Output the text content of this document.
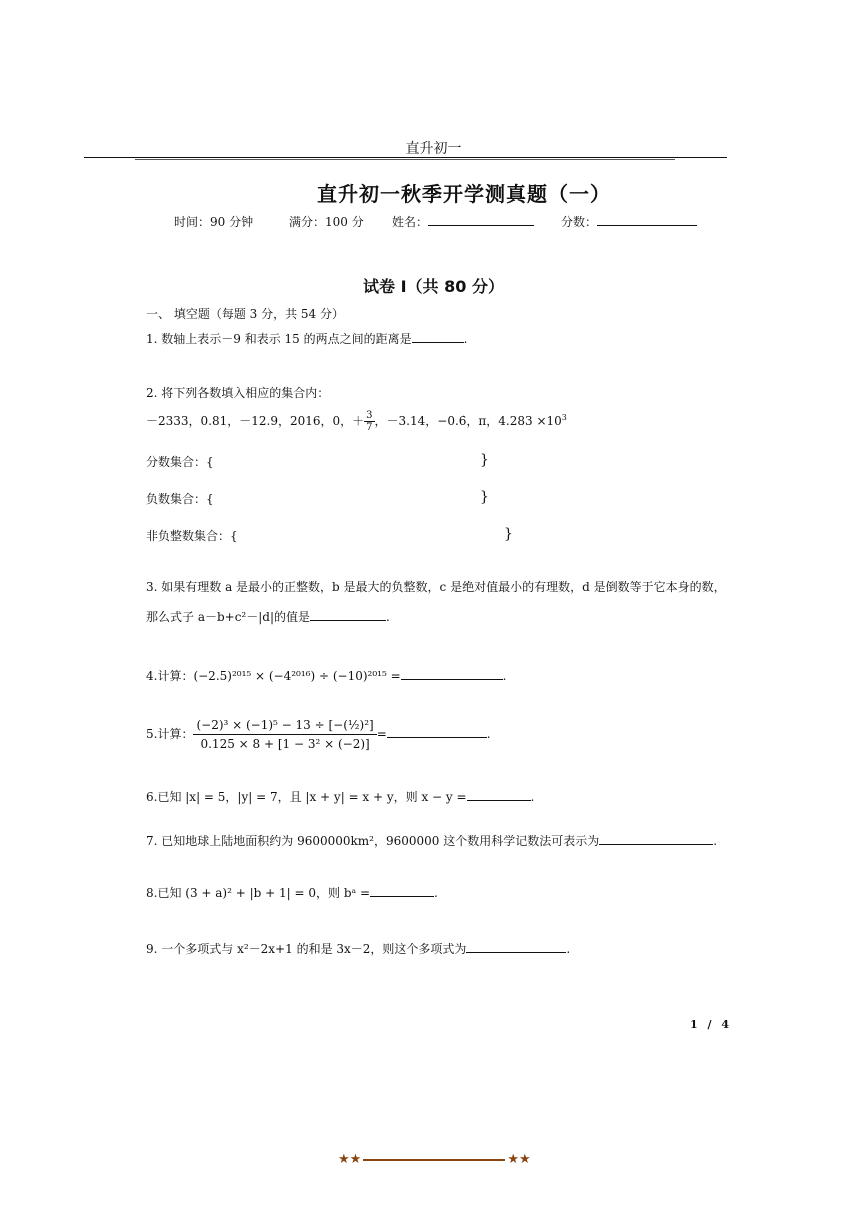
直升初一
直升初一秋季开学测真题（一）
时间：90 分钟	满分：100 分 姓名：	分数：
试卷 I（共 80 分）
一、 填空题（每题 3 分，共 54 分）
1. 数轴上表示－9 和表示 15 的两点之间的距离是	.
2. 将下列各数填入相应的集合内：
－2333，0.81，－12.9，2016，0，＋ $\frac{3}{7}$ ，－3.14，−0.6̇，π，$4.283 \times 10^3$
分数集合：{	}
负数集合：{	}
非负整数集合：{	}
3. 如果有理数 a 是最小的正整数，b 是最大的负整数，c 是绝对值最小的有理数，d 是倒数等于它本身的数，
那么式子 a－b+c²－|d|的值是	.
4.计算：(−2.5)²⁰¹⁵ × (−4²⁰¹⁶) ÷ (−10)²⁰¹⁵ =	.
5.计算： $\frac{\text{(−2)³ × (−1)⁵ − 13 ÷ [−(½)²]}}{\text{0.125 × 8 + [1 − 3² × (−2)]}}$ =	.
6.已知 |x| = 5，|y| = 7，且 |x + y| = x + y，则 x − y =	.
7. 已知地球上陆地面积约为 9600000km²，9600000 这个数用科学记数法可表示为	.
8.已知 (3 + a)² + |b + 1| = 0，则 bᵃ =	.
9. 一个多项式与 x²－2x+1 的和是 3x－2，则这个多项式为	.
1 / 4
★★	★★
